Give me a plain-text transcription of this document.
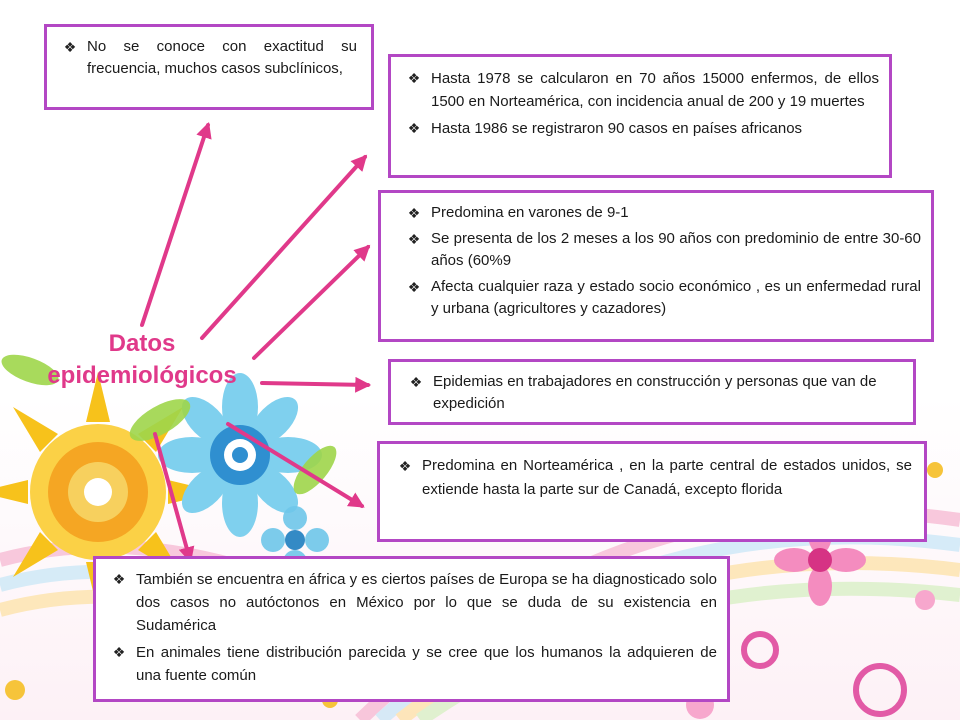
Datos
epidemiológicos
❖ No se conoce con exactitud su frecuencia, muchos casos subclínicos,
❖ Hasta 1978 se calcularon en 70 años 15000 enfermos, de ellos 1500 en Norteamérica, con incidencia anual de 200 y 19 muertes
❖ Hasta 1986 se registraron 90 casos en países africanos
❖ Predomina en varones de 9-1
❖ Se presenta de los 2 meses a los 90 años con predominio de entre 30-60 años (60%9
❖ Afecta cualquier raza y estado socio económico , es un enfermedad rural y urbana (agricultores y cazadores)
❖ Epidemias en trabajadores en construcción y personas que van de expedición
❖ Predomina en Norteamérica , en la parte central de estados unidos, se extiende hasta la parte sur de Canadá, excepto florida
❖ También se encuentra en áfrica y es ciertos países de Europa se ha diagnosticado solo dos casos no autóctonos en México por lo que se duda de su existencia en Sudamérica
❖ En animales tiene distribución parecida y se cree que los humanos la adquieren de una fuente común
